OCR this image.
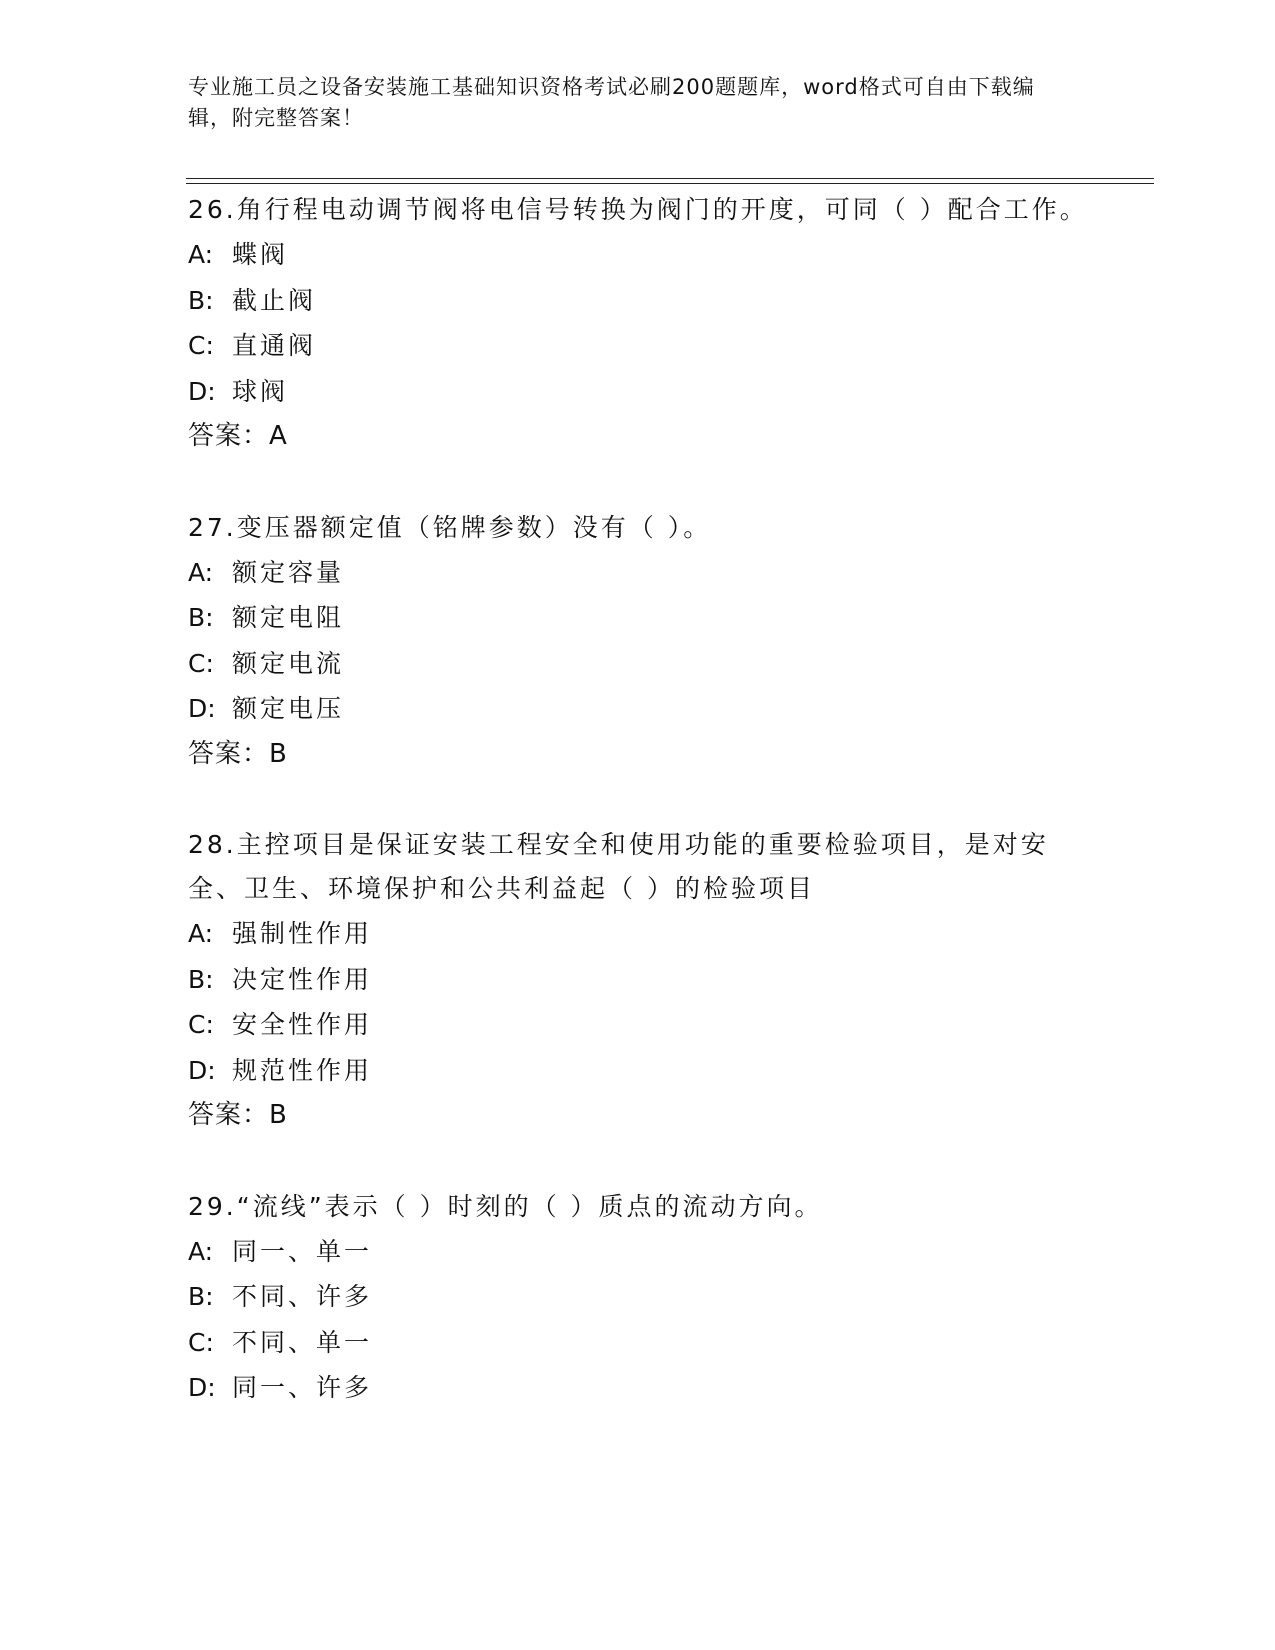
专业施工员之设备安装施工基础知识资格考试必刷200题题库，word格式可自由下载编辑，附完整答案！

26.角行程电动调节阀将电信号转换为阀门的开度，可同（ ）配合工作。

A: 蝶阀

B: 截止阀

C: 直通阀

D: 球阀

答案：A

27.变压器额定值（铭牌参数）没有（ ）。

A: 额定容量

B: 额定电阻

C: 额定电流

D: 额定电压

答案：B

28.主控项目是保证安装工程安全和使用功能的重要检验项目，是对安全、卫生、环境保护和公共利益起（ ）的检验项目

A: 强制性作用

B: 决定性作用

C: 安全性作用

D: 规范性作用

答案：B

29.“流线”表示（ ）时刻的（ ）质点的流动方向。

A: 同一、单一

B: 不同、许多

C: 不同、单一

D: 同一、许多
